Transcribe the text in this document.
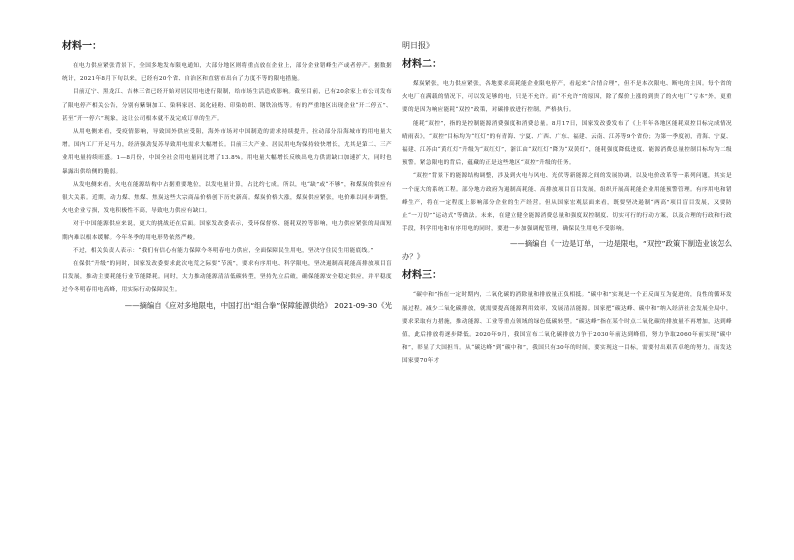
材料一：

在电力供应紧张背景下，全国多地发布限电通知，大部分地区则将重点放在企业上，部分企业错峰生产或者停产。据数据统计，2021年8月下旬以来，已经有20个省、自治区和直辖市出台了力度不等的限电措施。

目前辽宁、黑龙江、吉林三省已经开始对居民用电进行限制，给市场生活造成影响。截至目前，已有20余家上市公司发布了限电停产相关公告，分别有紫铜加工、染料家居、氮化硅粉、印染纺织、钢铁冶炼等。有的严重地区出现企业“开二停五”、甚至“开一停六”现象，这让公司根本就不及完成订单的生产。

从用电侧来看，受疫情影响，导致国外供应受阻，海外市场对中国制造的需求持续提升，拉动部分沿海城市的用电量大增。国内工厂开足马力，经济强劲复苏导致用电需求大幅增长。目前三大产业、居民用电均保持较快增长，尤其是第二、三产业用电量持续旺盛。1—8月份，中国全社会用电量同比增了13.8%。用电量大幅增长反映出电力供需缺口加速扩大，同时也暴露出供给侧的脆弱。

从发电侧来看，火电在能源结构中占据重要地位，以发电量计算，占比约七成。所以，电“缺”或“不够”，和煤炭的供应有很大关系。近期，动力煤、焦煤、焦炭这些大宗商品价格创下历史新高。煤炭价格大涨，煤炭供应紧张，电价难以同步调整，火电企业亏损，发电积极性不高，导致电力供应有缺口。

对于中国能源供应来说，更大的挑战还在后面。国家发改委表示，受环保督察、能耗双控等影响，电力供应紧张的局面短期内难以根本缓解。今年冬季的用电形势依然严峻。

不过，相关负责人表示：“我们有信心有能力保障今冬明春电力供应，全面保障民生用电，坚决守住民生用能底线。”

在保供“升级”的同时，国家发改委要求此次电荒之际要“节流”，要求有序用电、科学限电，坚决遏制高耗能高排放项目盲目发展，推动主要耗能行业节能降耗。同时，大力推动能源清洁低碳转型，坚持先立后破，确保能源安全稳定供应，并平稳度过今冬明春用电高峰，用实际行动保障民生。

——摘编自《应对多地限电，中国打出“组合拳”保障能源供给》 2021-09-30《光
明日报》
材料二：

煤炭紧张，电力供应紧张，各地要求高耗能企业限电停产，看起来“合情合理”，但不是本次限电、断电的主因。每个省的火电厂在满载的情况下，可以发足够的电，只是不允许。而“不允许”的原因，除了煤价上涨的到贵了的火电厂“亏本”外，更重要的是因为响应能耗“双控”政策，对碳排放进行控制，严格执行。

能耗“双控”，指的是控制能源消费强度和消费总量。8月17日，国家发改委发布了《上半年各地区能耗双控目标完成情况晴雨表》，“双控”目标均为“红灯”的有青海、宁夏、广西、广东、福建、云南、江苏等9个省份；为第一季度初，青海、宁夏、福建、江苏由“黄红灯”升级为“双红灯”，浙江由“双红灯”降为“双黄灯”，能耗强度降低进度、能源消费总量控制目标均为二级预警。紧急限电的背后，蕴藏的正是这些地区“双控”升级的任务。

“双控”背景下的能源结构调整，涉及到火电与风电、光伏等新能源之间的发展协调，以及电价改革等一系列问题，其实是一个庞大的系统工程。部分地方政府为遏制高耗能、高排放项目盲目发展，组织开展高耗能企业用能预警管理。有序用电和错峰生产，将在一定程度上影响部分企业的生产经营。但从国家宏观层面来看，既要坚决遏制“两高”项目盲目发展，又要防止“一刀切”“运动式”等做法。未来，在建立健全能源消费总量和强度双控制度、切实可行的行动方案，以及合理的行政和行政手段，科学用电和有序用电的同时，要进一步加强调配管理，确保民生用电不受影响。

——摘编自《一边是订单，一边是限电，“双控”政策下制造业该怎么
办？》
材料三：

“碳中和”指在一定时期内，二氧化碳的消除量和排放量正负相抵。“碳中和”实现是一个正反面互为促进的，良性的循环发展过程。减少二氧化碳排放，就需要提高能源利用效率，发展清洁能源。国家把“碳达峰、碳中和”纳入经济社会发展全局中，要求采取有力措施，推动能源、工业等重点领域的绿色低碳转型。“碳达峰”指在某个时点二氧化碳的排放量不再增加，达到峰值，此后排放将逐步降低。2020年9月，我国宣布二氧化碳排放力争于2030年前达到峰值，努力争取2060年前实现“碳中和”，彰显了大国担当。从“碳达峰”到“碳中和”，我国只有30年的时间，要实现这一目标，需要付出艰苦卓绝的努力，而发达国家要70年才
